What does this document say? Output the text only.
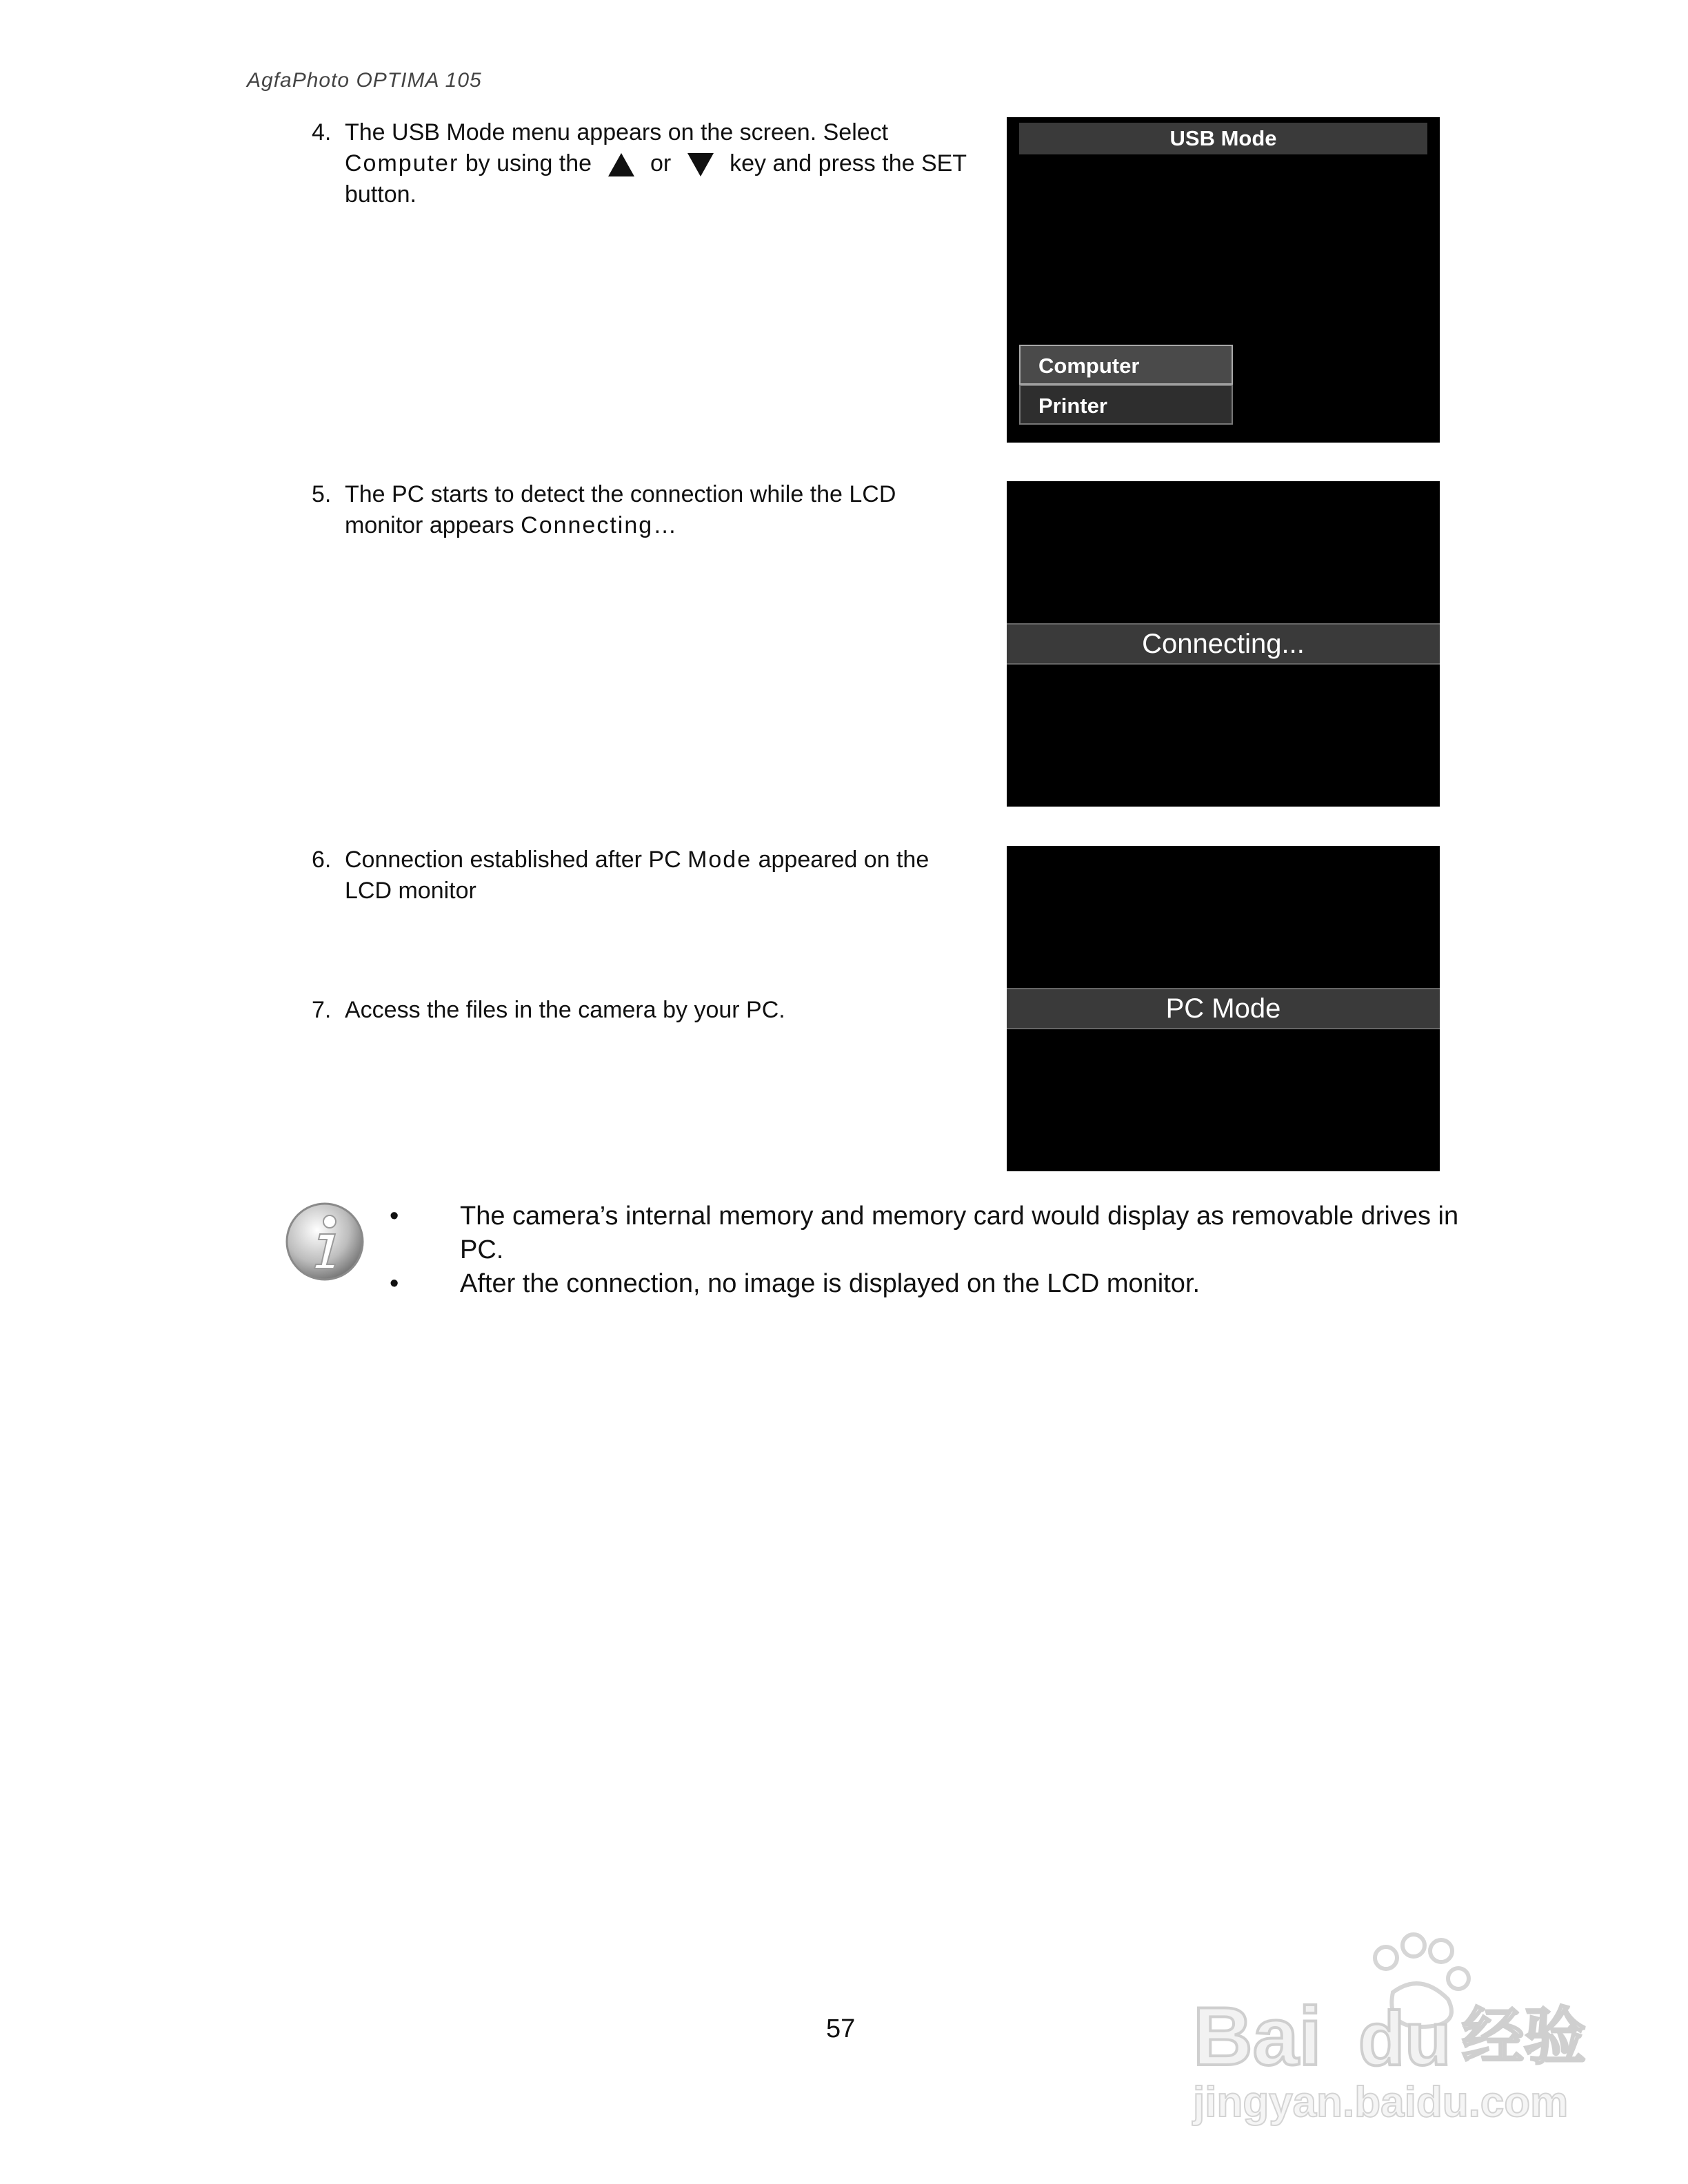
AgfaPhoto OPTIMA 105
4. The USB Mode menu appears on the screen. Select
Computer by using the or key and press the SET
button.
5. The PC starts to detect the connection while the LCD
monitor appears Connecting…
6. Connection established after PC Mode appeared on the
LCD monitor
7. Access the files in the camera by your PC.
USB Mode
Computer
Printer
Connecting...
PC Mode
• The camera’s internal memory and memory card would display as removable drives in PC.
• After the connection, no image is displayed on the LCD monitor.
57	Bai du 经验
jingyan.baidu.com
